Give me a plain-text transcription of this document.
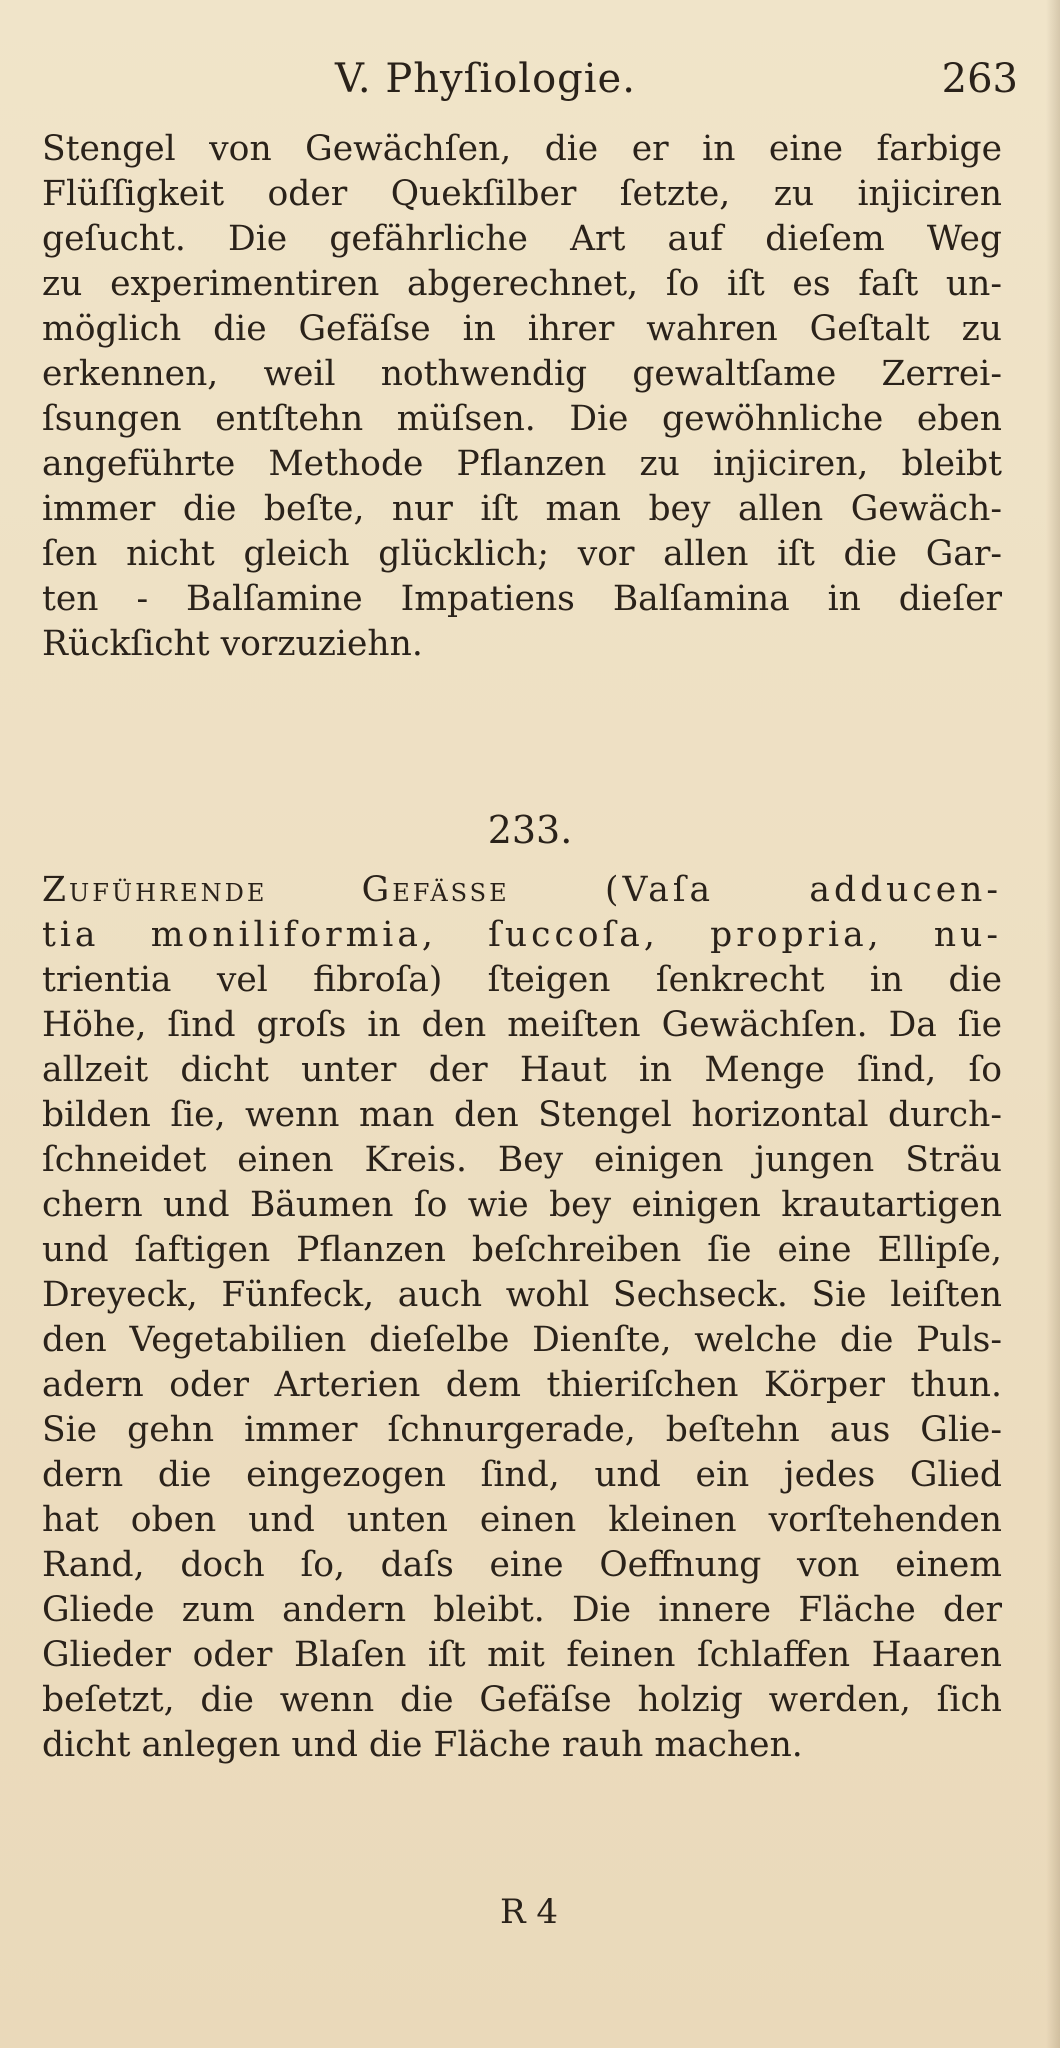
V. Phyſiologie.	263
Stengel von Gewächſen, die er in eine farbige
Flüſſigkeit oder Quekſilber ſetzte, zu injiciren
geſucht. Die gefährliche Art auf dieſem Weg
zu experimentiren abgerechnet, ſo iſt es faſt un-
möglich die Gefäſse in ihrer wahren Geſtalt zu
erkennen, weil nothwendig gewaltſame Zerrei-
ſsungen entſtehn müſsen. Die gewöhnliche eben
angeführte Methode Pflanzen zu injiciren, bleibt
immer die beſte, nur iſt man bey allen Gewäch-
ſen nicht gleich glücklich; vor allen iſt die Gar-
ten - Balſamine Impatiens Balſamina in dieſer
Rückſicht vorzuziehn.
233.
Zuführende Gefäſse (Vaſa adducen-
tia moniliformia, ſuccoſa, propria, nu-
trientia vel fibroſa) ſteigen ſenkrecht in die
Höhe, ſind groſs in den meiſten Gewächſen. Da ſie
allzeit dicht unter der Haut in Menge ſind, ſo
bilden ſie, wenn man den Stengel horizontal durch-
ſchneidet einen Kreis. Bey einigen jungen Sträu
chern und Bäumen ſo wie bey einigen krautartigen
und ſaftigen Pflanzen beſchreiben ſie eine Ellipſe,
Dreyeck, Fünfeck, auch wohl Sechseck. Sie leiſten
den Vegetabilien dieſelbe Dienſte, welche die Puls-
adern oder Arterien dem thieriſchen Körper thun.
Sie gehn immer ſchnurgerade, beſtehn aus Glie-
dern die eingezogen ſind, und ein jedes Glied
hat oben und unten einen kleinen vorſtehenden
Rand, doch ſo, daſs eine Oeffnung von einem
Gliede zum andern bleibt. Die innere Fläche der
Glieder oder Blaſen iſt mit feinen ſchlaffen Haaren
beſetzt, die wenn die Gefäſse holzig werden, ſich
dicht anlegen und die Fläche rauh machen.
R 4
